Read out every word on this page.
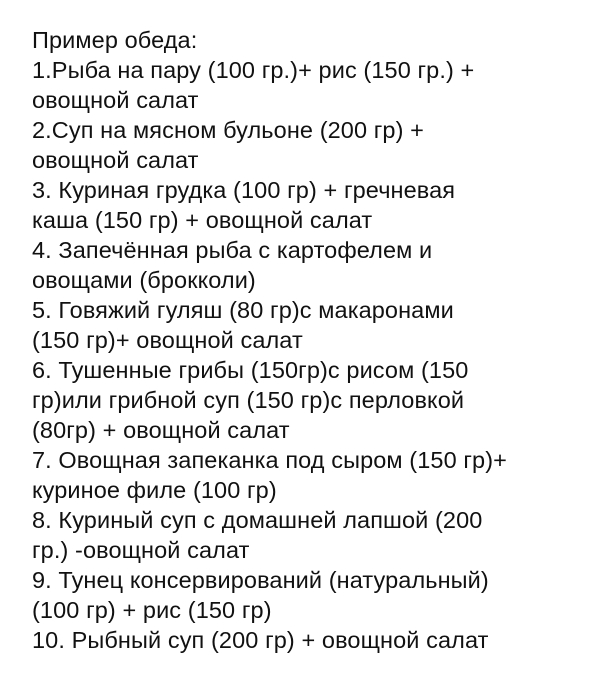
Пример обеда:
1.Рыба на пару (100 гр.)+ рис (150 гр.) +
овощной салат
2.Суп на мясном бульоне (200 гр) +
овощной салат
3. Куриная грудка (100 гр) + гречневая
каша (150 гр) + овощной салат
4. Запечённая рыба с картофелем и
овощами (брокколи)
5. Говяжий гуляш (80 гр)с макаронами
(150 гр)+ овощной салат
6. Тушенные грибы (150гр)с рисом (150
гр)или грибной суп (150 гр)с перловкой
(80гр) + овощной салат
7. Овощная запеканка под сыром (150 гр)+
куриное филе (100 гр)
8. Куриный суп с домашней лапшой (200
гр.) -овощной салат
9. Тунец консервирований (натуральный)
(100 гр) + рис (150 гр)
10. Рыбный суп (200 гр) + овощной салат
